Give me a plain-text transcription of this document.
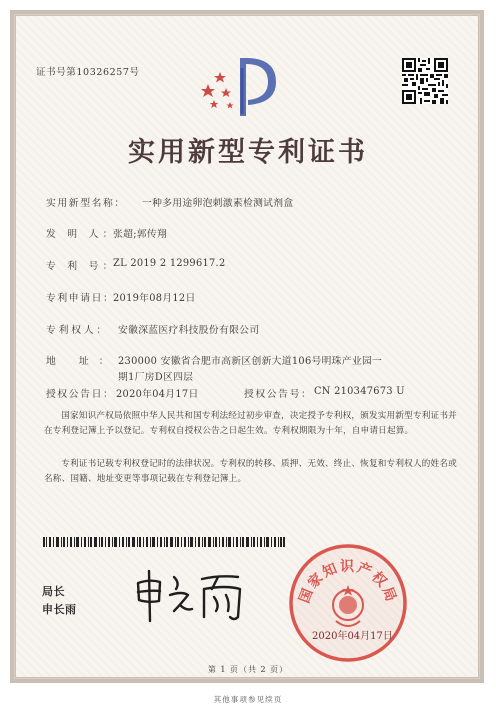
证书号第10326257号
实用新型专利证书
实用新型名称： 一种多用途卵泡刺激素检测试剂盒
发 明 人：
张超;郭传翔
专 利 号：
ZL 2019 2 1299617.2
专利申请日：
2019年08月12日
专利权人： 安徽深蓝医疗科技股份有限公司
地 址： 230000 安徽省合肥市高新区创新大道106号明珠产业园一
期1厂房D区四层
授权公告日： 2020年04月17日	授权公告号： CN 210347673 U
国家知识产权局依照中华人民共和国专利法经过初步审查，决定授予专利权，颁发实用新型专利证书并在专利登记簿上予以登记。专利权自授权公告之日起生效。专利权期限为十年，自申请日起算。
专利证书记载专利权登记时的法律状况。专利权的转移、质押、无效、终止、恢复和专利权人的姓名或名称、国籍、地址变更等事项记载在专利登记簿上。
局长
申长雨
国家知识产权局
2020年04月17日
第 1 页（共 2 页）
其他事项参见续页
